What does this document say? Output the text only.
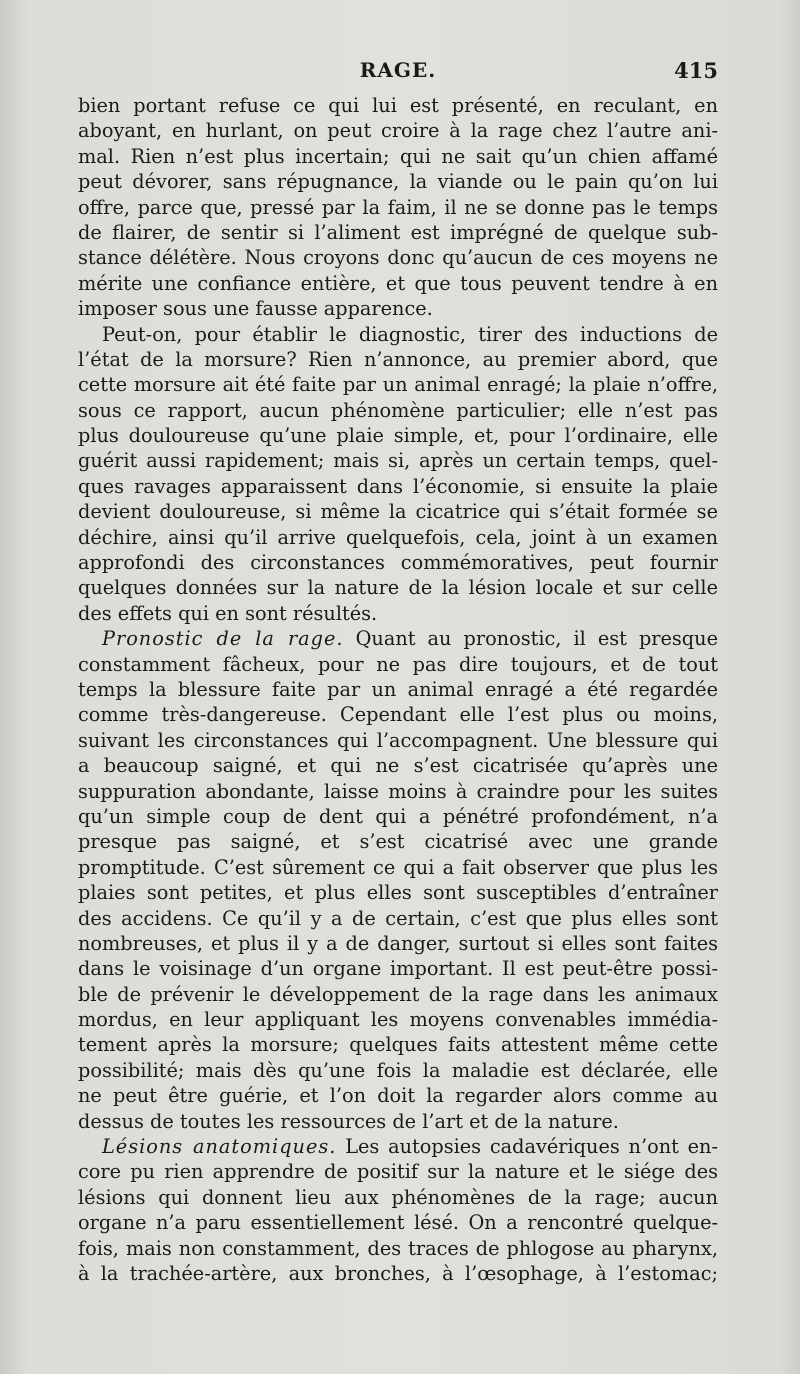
RAGE.	415
bien portant refuse ce qui lui est présenté, en reculant, en
aboyant, en hurlant, on peut croire à la rage chez l’autre ani-
mal. Rien n’est plus incertain; qui ne sait qu’un chien affamé
peut dévorer, sans répugnance, la viande ou le pain qu’on lui
offre, parce que, pressé par la faim, il ne se donne pas le temps
de flairer, de sentir si l’aliment est imprégné de quelque sub-
stance délétère. Nous croyons donc qu’aucun de ces moyens ne
mérite une confiance entière, et que tous peuvent tendre à en
imposer sous une fausse apparence.
Peut-on, pour établir le diagnostic, tirer des inductions de
l’état de la morsure? Rien n’annonce, au premier abord, que
cette morsure ait été faite par un animal enragé; la plaie n’offre,
sous ce rapport, aucun phénomène particulier; elle n’est pas
plus douloureuse qu’une plaie simple, et, pour l’ordinaire, elle
guérit aussi rapidement; mais si, après un certain temps, quel-
ques ravages apparaissent dans l’économie, si ensuite la plaie
devient douloureuse, si même la cicatrice qui s’était formée se
déchire, ainsi qu’il arrive quelquefois, cela, joint à un examen
approfondi des circonstances commémoratives, peut fournir
quelques données sur la nature de la lésion locale et sur celle
des effets qui en sont résultés.
Pronostic de la rage. Quant au pronostic, il est presque
constamment fâcheux, pour ne pas dire toujours, et de tout
temps la blessure faite par un animal enragé a été regardée
comme très-dangereuse. Cependant elle l’est plus ou moins,
suivant les circonstances qui l’accompagnent. Une blessure qui
a beaucoup saigné, et qui ne s’est cicatrisée qu’après une
suppuration abondante, laisse moins à craindre pour les suites
qu’un simple coup de dent qui a pénétré profondément, n’a
presque pas saigné, et s’est cicatrisé avec une grande
promptitude. C’est sûrement ce qui a fait observer que plus les
plaies sont petites, et plus elles sont susceptibles d’entraîner
des accidens. Ce qu’il y a de certain, c’est que plus elles sont
nombreuses, et plus il y a de danger, surtout si elles sont faites
dans le voisinage d’un organe important. Il est peut-être possi-
ble de prévenir le développement de la rage dans les animaux
mordus, en leur appliquant les moyens convenables immédia-
tement après la morsure; quelques faits attestent même cette
possibilité; mais dès qu’une fois la maladie est déclarée, elle
ne peut être guérie, et l’on doit la regarder alors comme au
dessus de toutes les ressources de l’art et de la nature.
Lésions anatomiques. Les autopsies cadavériques n’ont en-
core pu rien apprendre de positif sur la nature et le siége des
lésions qui donnent lieu aux phénomènes de la rage; aucun
organe n’a paru essentiellement lésé. On a rencontré quelque-
fois, mais non constamment, des traces de phlogose au pharynx,
à la trachée-artère, aux bronches, à l’œsophage, à l’estomac;
